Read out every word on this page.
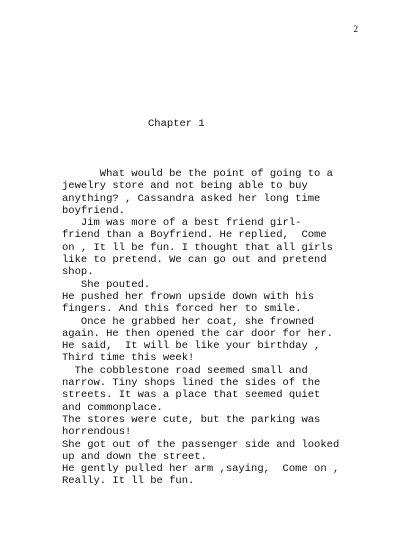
2
Chapter 1
What would be the point of going to a
jewelry store and not being able to buy
anything? , Cassandra asked her long time
boyfriend.
Jim was more of a best friend girl-
friend than a Boyfriend. He replied,  Come
on , It ll be fun. I thought that all girls
like to pretend. We can go out and pretend
shop.
She pouted.
He pushed her frown upside down with his
fingers. And this forced her to smile.
Once he grabbed her coat, she frowned
again. He then opened the car door for her.
He said,  It will be like your birthday ,
Third time this week!
The cobblestone road seemed small and
narrow. Tiny shops lined the sides of the
streets. It was a place that seemed quiet
and commonplace.
The stores were cute, but the parking was
horrendous!
She got out of the passenger side and looked
up and down the street.
He gently pulled her arm ,saying,  Come on ,
Really. It ll be fun.
